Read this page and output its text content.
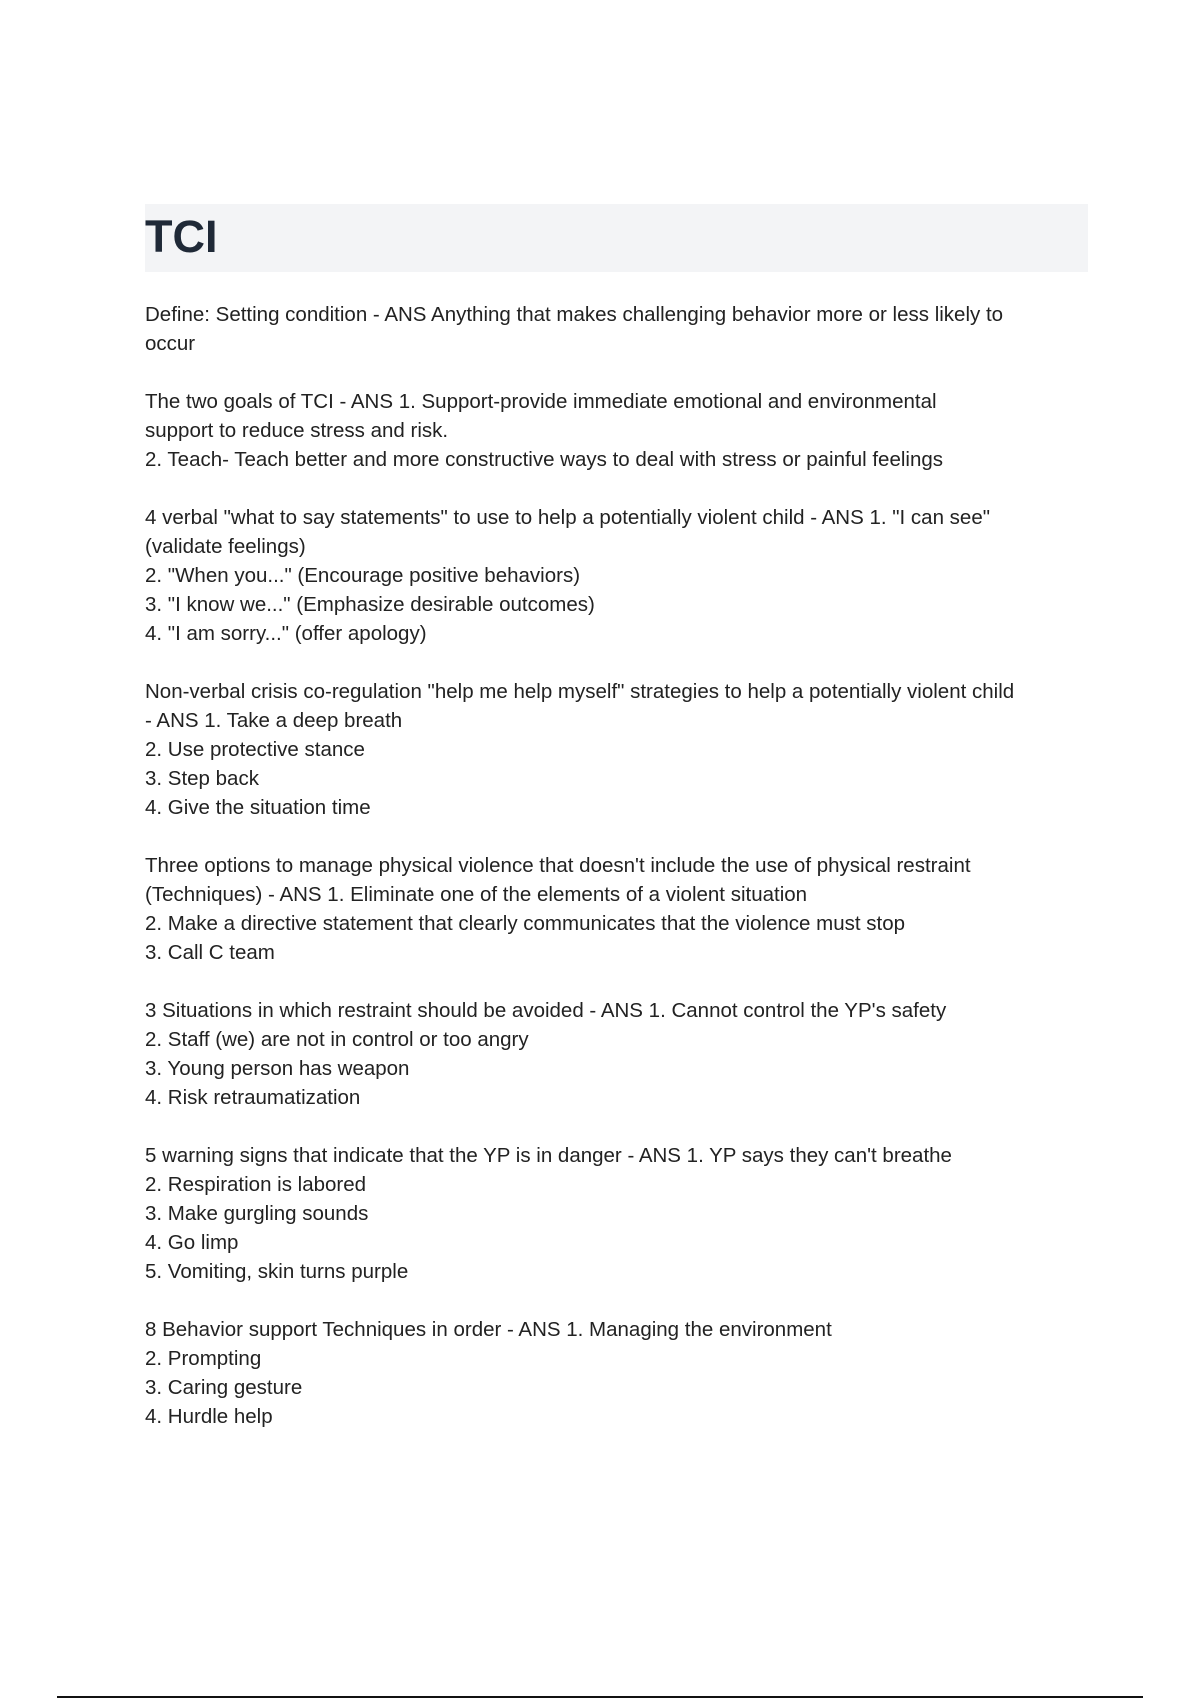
TCI

Define: Setting condition - ANS Anything that makes challenging behavior more or less likely to
occur

The two goals of TCI - ANS 1. Support-provide immediate emotional and environmental
support to reduce stress and risk.
2. Teach- Teach better and more constructive ways to deal with stress or painful feelings

4 verbal "what to say statements" to use to help a potentially violent child - ANS 1. "I can see"
(validate feelings)
2. "When you..." (Encourage positive behaviors)
3. "I know we..." (Emphasize desirable outcomes)
4. "I am sorry..." (offer apology)

Non-verbal crisis co-regulation "help me help myself" strategies to help a potentially violent child
- ANS 1. Take a deep breath
2. Use protective stance
3. Step back
4. Give the situation time

Three options to manage physical violence that doesn't include the use of physical restraint
(Techniques) - ANS 1. Eliminate one of the elements of a violent situation
2. Make a directive statement that clearly communicates that the violence must stop
3. Call C team

3 Situations in which restraint should be avoided - ANS 1. Cannot control the YP's safety
2. Staff (we) are not in control or too angry
3. Young person has weapon
4. Risk retraumatization

5 warning signs that indicate that the YP is in danger - ANS 1. YP says they can't breathe
2. Respiration is labored
3. Make gurgling sounds
4. Go limp
5. Vomiting, skin turns purple

8 Behavior support Techniques in order - ANS 1. Managing the environment
2. Prompting
3. Caring gesture
4. Hurdle help
